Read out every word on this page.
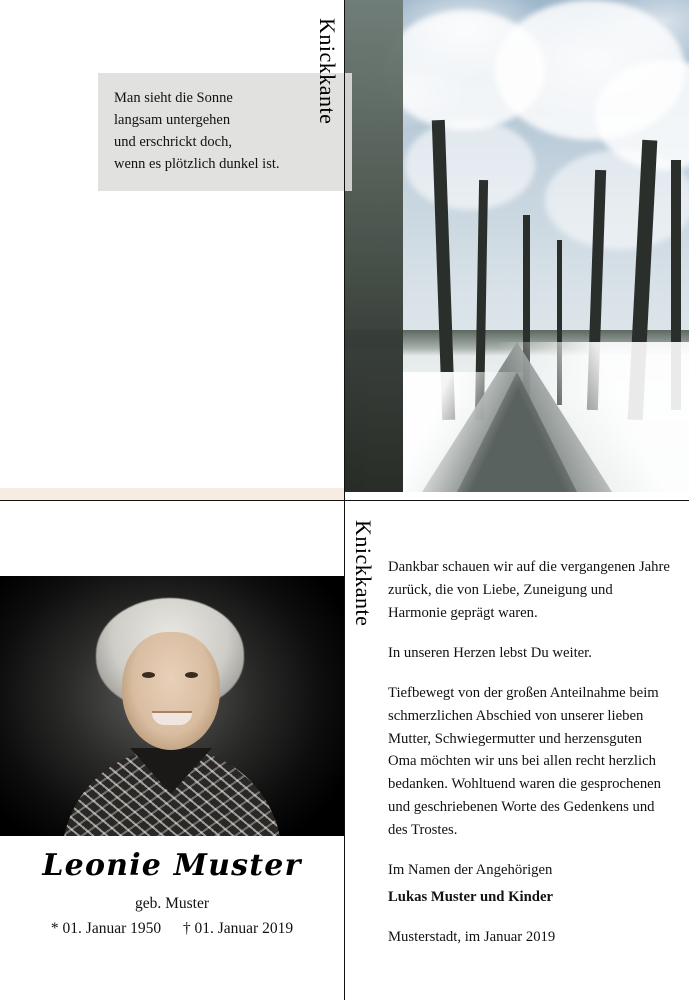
Man sieht die Sonne
langsam untergehen
und erschrickt doch,
wenn es plötzlich dunkel ist.
Knickkante
Knickkante
Leonie Muster
geb. Muster
* 01. Januar 1950 † 01. Januar 2019

Dankbar schauen wir auf die vergangenen Jahre zurück, die von Liebe, Zuneigung und Harmonie geprägt waren.

In unseren Herzen lebst Du weiter.

Tiefbewegt von der großen Anteilnahme beim schmerzlichen Abschied von unserer lieben Mutter, Schwiegermutter und herzensguten Oma möchten wir uns bei allen recht herzlich bedanken. Wohltuend waren die gesprochenen und geschriebenen Worte des Gedenkens und des Trostes.

Im Namen der Angehörigen

Lukas Muster und Kinder

Musterstadt, im Januar 2019
